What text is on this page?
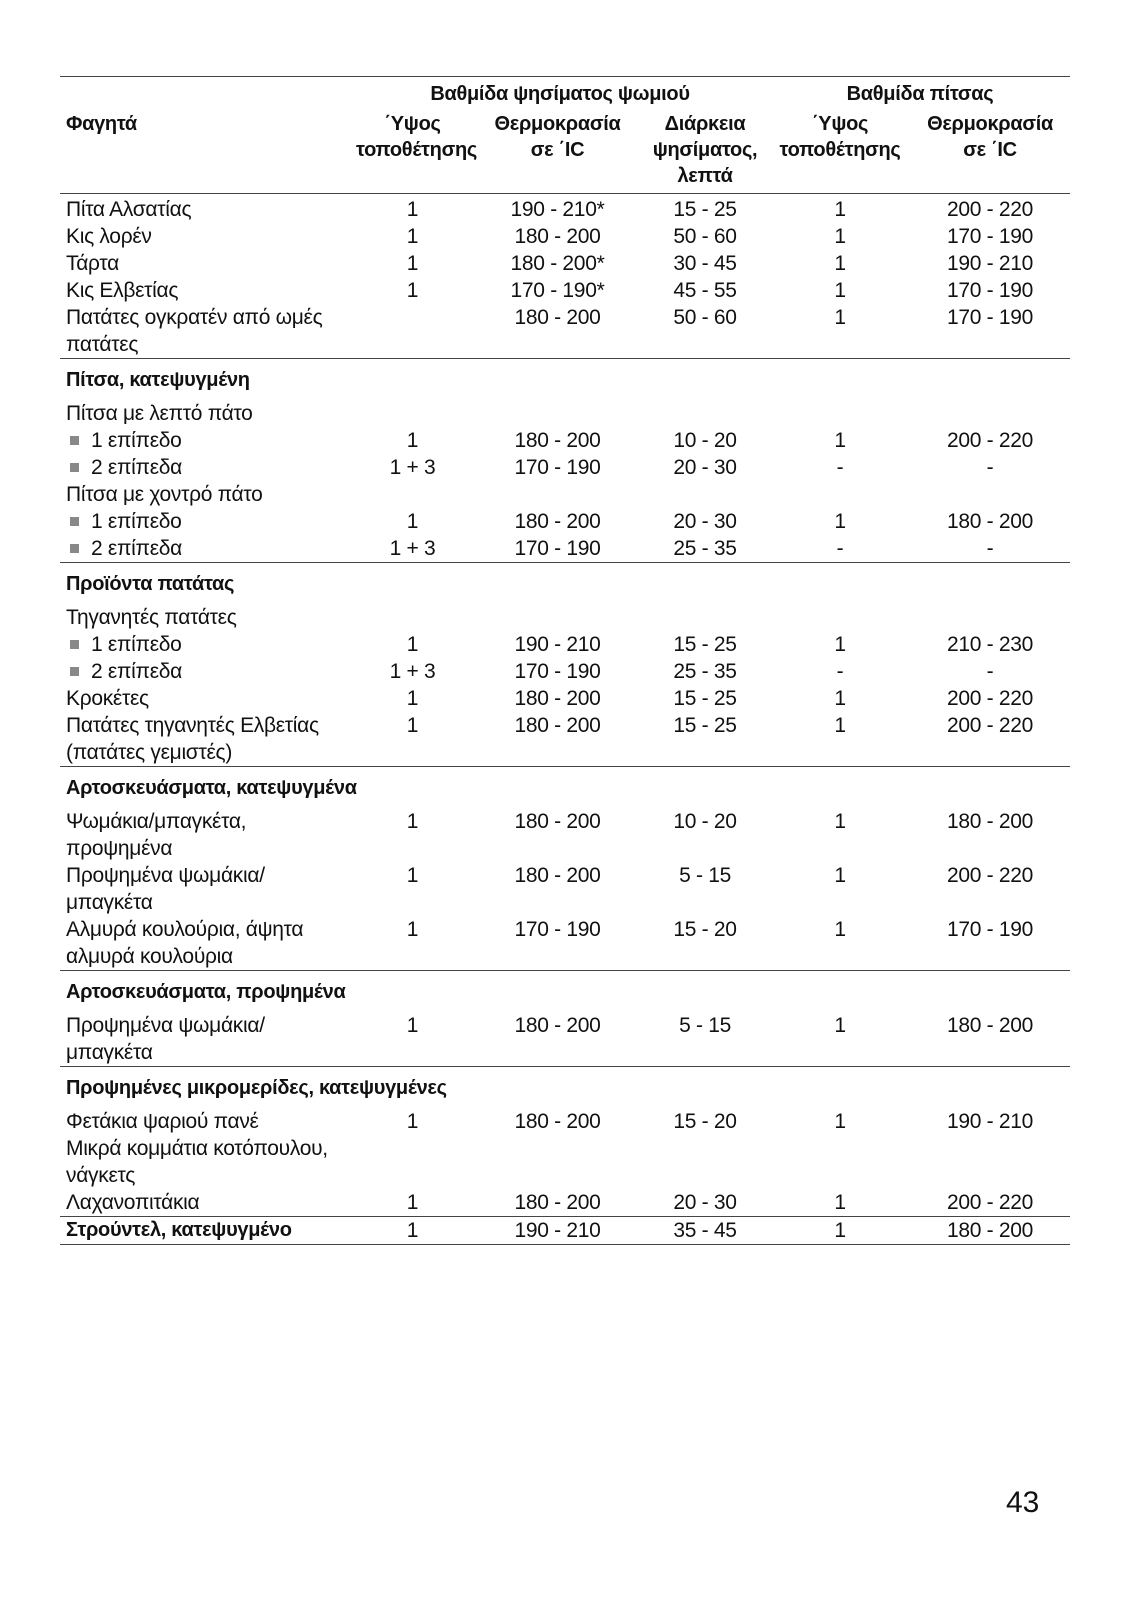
	Βαθμίδα ψησίματος ψωμιού			Βαθμίδα πίτσας	
Φαγητά	΄Υψος τοποθέτησης	Θερμοκρασία σε ΄ΙC	Διάρκεια ψησίματος, λεπτά	΄Υψος τοποθέτησης	Θερμοκρασία σε ΄ΙC
Πίτα Αλσατίας	1	190 - 210*	15 - 25	1	200 - 220
Κις λορέν	1	180 - 200	50 - 60	1	170 - 190
Τάρτα	1	180 - 200*	30 - 45	1	190 - 210
Κις Ελβετίας	1	170 - 190*	45 - 55	1	170 - 190
Πατάτες ογκρατέν από ωμές πατάτες		180 - 200	50 - 60	1	170 - 190
Πίτσα, κατεψυγμένη					
Πίτσα με λεπτό πάτο					
1 επίπεδο	1	180 - 200	10 - 20	1	200 - 220
2 επίπεδα	1 + 3	170 - 190	20 - 30	-	-
Πίτσα με χοντρό πάτο					
1 επίπεδο	1	180 - 200	20 - 30	1	180 - 200
2 επίπεδα	1 + 3	170 - 190	25 - 35	-	-
Προϊόντα πατάτας					
Τηγανητές πατάτες					
1 επίπεδο	1	190 - 210	15 - 25	1	210 - 230
2 επίπεδα	1 + 3	170 - 190	25 - 35	-	-
Κροκέτες	1	180 - 200	15 - 25	1	200 - 220
Πατάτες τηγανητές Ελβετίας (πατάτες γεμιστές)	1	180 - 200	15 - 25	1	200 - 220
Αρτοσκευάσματα, κατεψυγμένα					
Ψωμάκια/μπαγκέτα, προψημένα	1	180 - 200	10 - 20	1	180 - 200
Προψημένα ψωμάκια/ μπαγκέτα	1	180 - 200	5 - 15	1	200 - 220
Αλμυρά κουλούρια, άψητα αλμυρά κουλούρια	1	170 - 190	15 - 20	1	170 - 190
Αρτοσκευάσματα, προψημένα					
Προψημένα ψωμάκια/ μπαγκέτα	1	180 - 200	5 - 15	1	180 - 200
Προψημένες μικρομερίδες, κατεψυγμένες					
Φετάκια ψαριού πανέ	1	180 - 200	15 - 20	1	190 - 210
Μικρά κομμάτια κοτόπουλου, νάγκετς					
Λαχανοπιτάκια	1	180 - 200	20 - 30	1	200 - 220
Στρούντελ, κατεψυγμένο	1	190 - 210	35 - 45	1	180 - 200
43
